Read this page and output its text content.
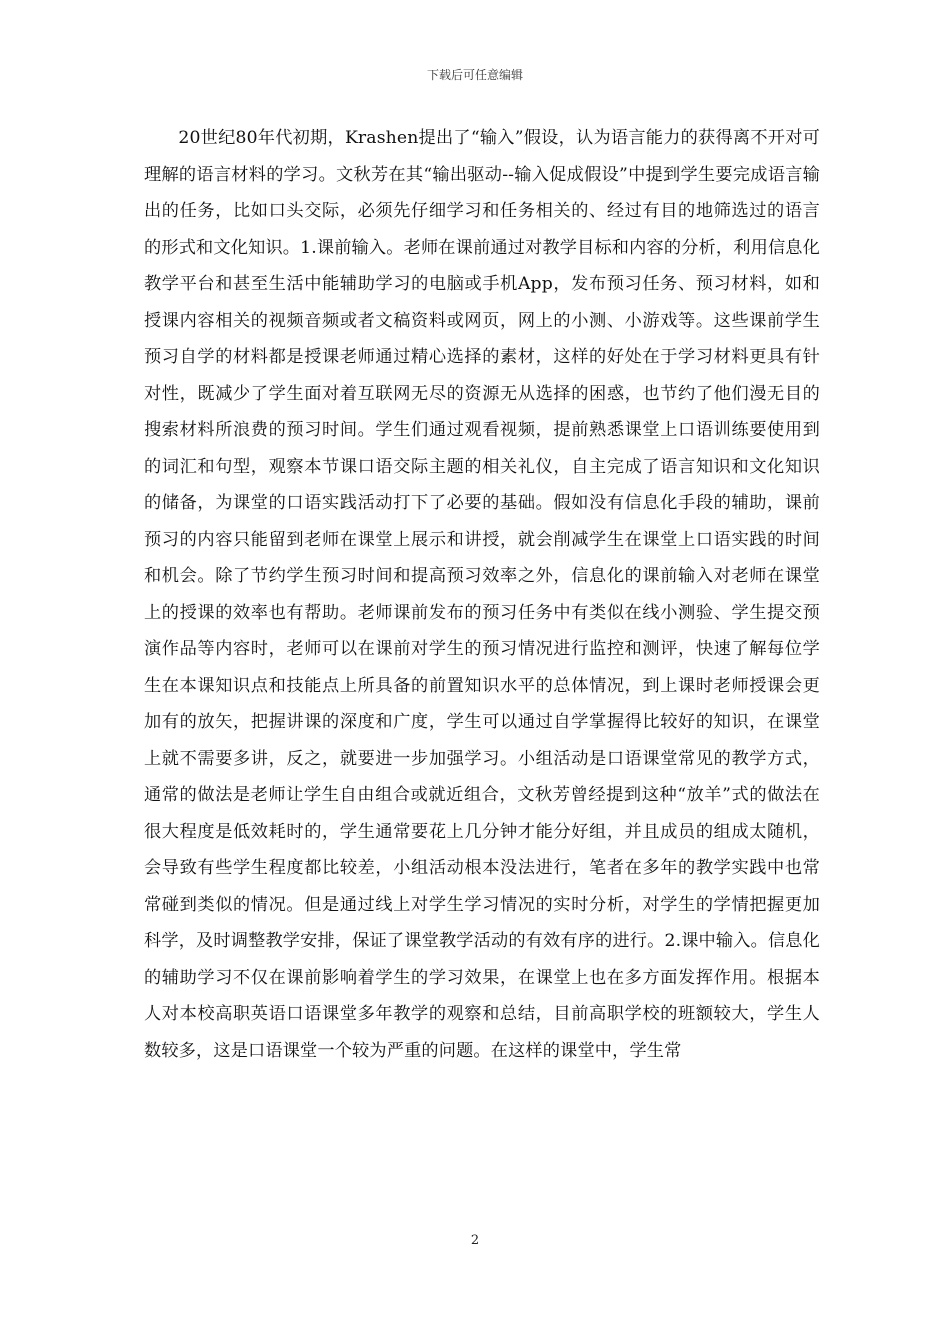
下载后可任意编辑

20世纪80年代初期，Krashen提出了“输入”假设，认为语言能力的获得离不开对可理解的语言材料的学习。文秋芳在其“输出驱动--输入促成假设”中提到学生要完成语言输出的任务，比如口头交际，必须先仔细学习和任务相关的、经过有目的地筛选过的语言的形式和文化知识。1.课前输入。老师在课前通过对教学目标和内容的分析，利用信息化教学平台和甚至生活中能辅助学习的电脑或手机App，发布预习任务、预习材料，如和授课内容相关的视频音频或者文稿资料或网页，网上的小测、小游戏等。这些课前学生预习自学的材料都是授课老师通过精心选择的素材，这样的好处在于学习材料更具有针对性，既减少了学生面对着互联网无尽的资源无从选择的困惑，也节约了他们漫无目的搜索材料所浪费的预习时间。学生们通过观看视频，提前熟悉课堂上口语训练要使用到的词汇和句型，观察本节课口语交际主题的相关礼仪，自主完成了语言知识和文化知识的储备，为课堂的口语实践活动打下了必要的基础。假如没有信息化手段的辅助，课前预习的内容只能留到老师在课堂上展示和讲授，就会削减学生在课堂上口语实践的时间和机会。除了节约学生预习时间和提高预习效率之外，信息化的课前输入对老师在课堂上的授课的效率也有帮助。老师课前发布的预习任务中有类似在线小测验、学生提交预演作品等内容时，老师可以在课前对学生的预习情况进行监控和测评，快速了解每位学生在本课知识点和技能点上所具备的前置知识水平的总体情况，到上课时老师授课会更加有的放矢，把握讲课的深度和广度，学生可以通过自学掌握得比较好的知识，在课堂上就不需要多讲，反之，就要进一步加强学习。小组活动是口语课堂常见的教学方式，通常的做法是老师让学生自由组合或就近组合，文秋芳曾经提到这种“放羊”式的做法在很大程度是低效耗时的，学生通常要花上几分钟才能分好组，并且成员的组成太随机，会导致有些学生程度都比较差，小组活动根本没法进行，笔者在多年的教学实践中也常常碰到类似的情况。但是通过线上对学生学习情况的实时分析，对学生的学情把握更加科学，及时调整教学安排，保证了课堂教学活动的有效有序的进行。2.课中输入。信息化的辅助学习不仅在课前影响着学生的学习效果，在课堂上也在多方面发挥作用。根据本人对本校高职英语口语课堂多年教学的观察和总结，目前高职学校的班额较大，学生人数较多，这是口语课堂一个较为严重的问题。在这样的课堂中，学生常

2
